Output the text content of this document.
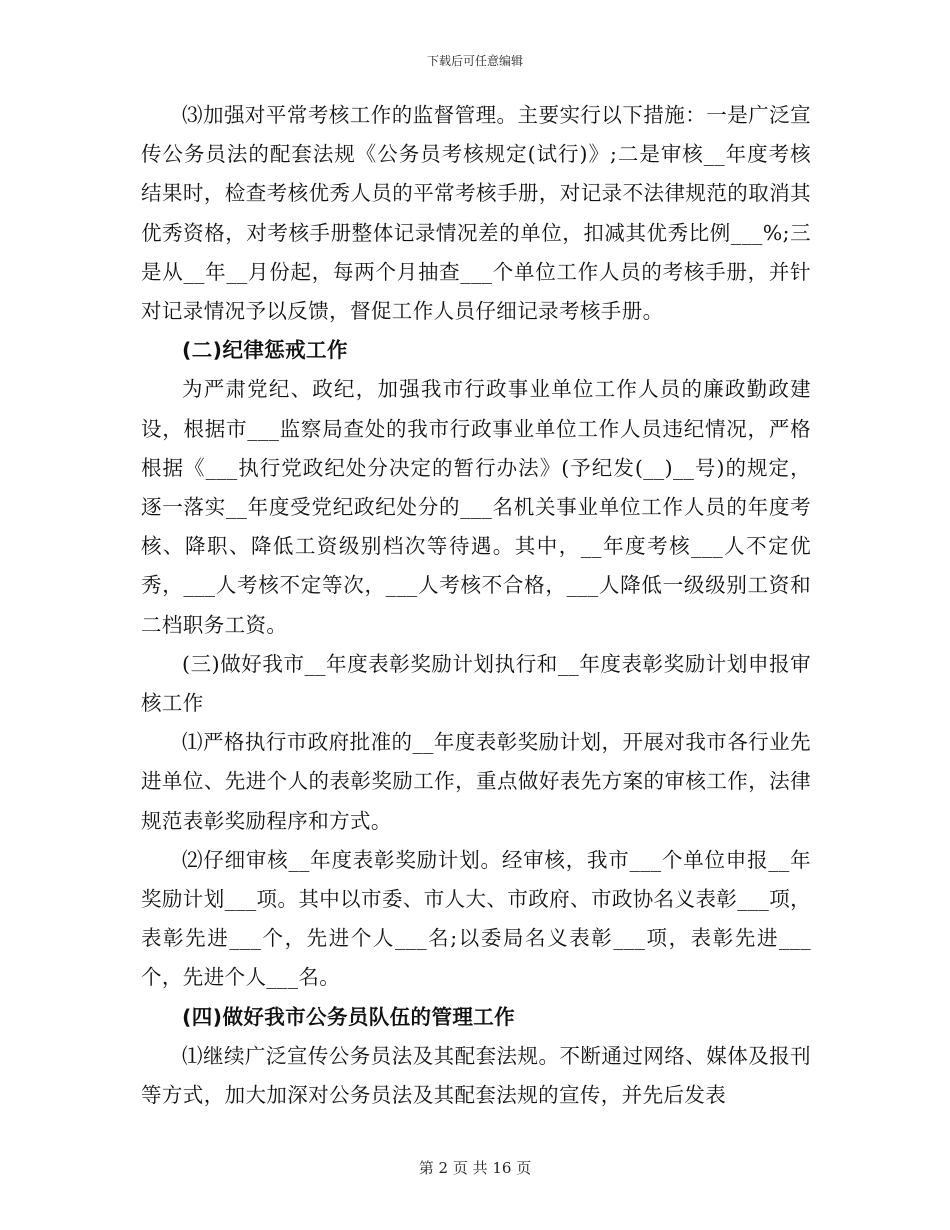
下载后可任意编辑

⑶加强对平常考核工作的监督管理。主要实行以下措施：一是广泛宣传公务员法的配套法规《公务员考核规定(试行)》;二是审核__年度考核结果时，检查考核优秀人员的平常考核手册，对记录不法律规范的取消其优秀资格，对考核手册整体记录情况差的单位，扣减其优秀比例___%;三是从__年__月份起，每两个月抽查___个单位工作人员的考核手册，并针对记录情况予以反馈，督促工作人员仔细记录考核手册。

(二)纪律惩戒工作

为严肃党纪、政纪，加强我市行政事业单位工作人员的廉政勤政建设，根据市___监察局查处的我市行政事业单位工作人员违纪情况，严格根据《___执行党政纪处分决定的暂行办法》(予纪发(__)__号)的规定，逐一落实__年度受党纪政纪处分的___名机关事业单位工作人员的年度考核、降职、降低工资级别档次等待遇。其中，__年度考核___人不定优秀，___人考核不定等次，___人考核不合格，___人降低一级级别工资和二档职务工资。

(三)做好我市__年度表彰奖励计划执行和__年度表彰奖励计划申报审核工作

⑴严格执行市政府批准的__年度表彰奖励计划，开展对我市各行业先进单位、先进个人的表彰奖励工作，重点做好表先方案的审核工作，法律规范表彰奖励程序和方式。

⑵仔细审核__年度表彰奖励计划。经审核，我市___个单位申报__年奖励计划___项。其中以市委、市人大、市政府、市政协名义表彰___项，表彰先进___个，先进个人___名;以委局名义表彰___项，表彰先进___个，先进个人___名。

(四)做好我市公务员队伍的管理工作

⑴继续广泛宣传公务员法及其配套法规。不断通过网络、媒体及报刊等方式，加大加深对公务员法及其配套法规的宣传，并先后发表

第 2 页 共 16 页
